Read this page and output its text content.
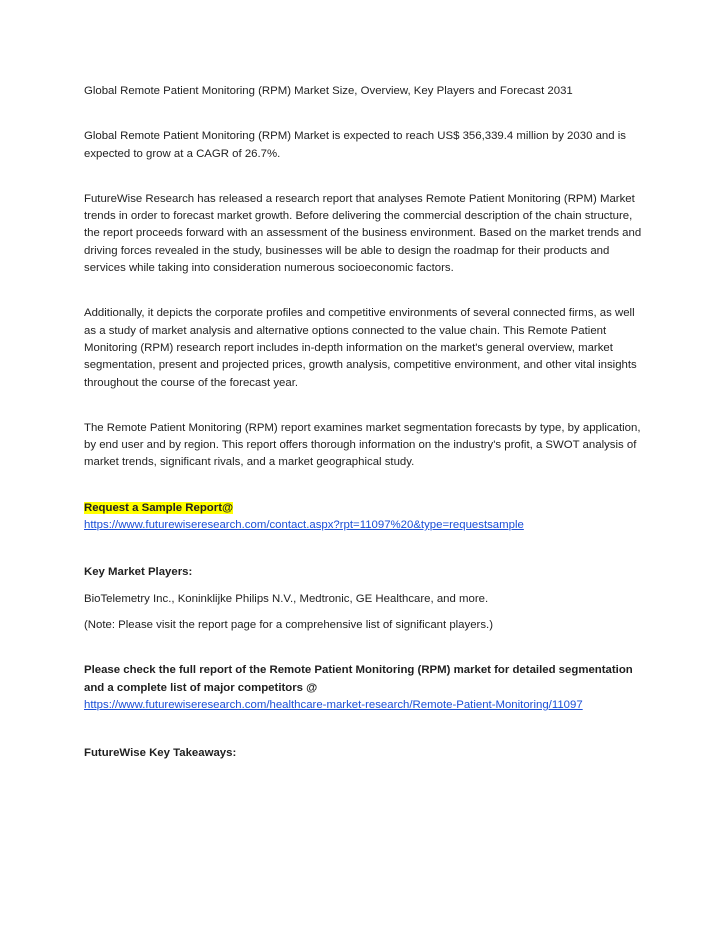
Global Remote Patient Monitoring (RPM) Market Size, Overview, Key Players and Forecast 2031

Global Remote Patient Monitoring (RPM) Market is expected to reach US$ 356,339.4 million by 2030 and is expected to grow at a CAGR of 26.7%.

FutureWise Research has released a research report that analyses Remote Patient Monitoring (RPM) Market trends in order to forecast market growth. Before delivering the commercial description of the chain structure, the report proceeds forward with an assessment of the business environment. Based on the market trends and driving forces revealed in the study, businesses will be able to design the roadmap for their products and services while taking into consideration numerous socioeconomic factors.

Additionally, it depicts the corporate profiles and competitive environments of several connected firms, as well as a study of market analysis and alternative options connected to the value chain. This Remote Patient Monitoring (RPM) research report includes in-depth information on the market's general overview, market segmentation, present and projected prices, growth analysis, competitive environment, and other vital insights throughout the course of the forecast year.

The Remote Patient Monitoring (RPM) report examines market segmentation forecasts by type, by application, by end user and by region. This report offers thorough information on the industry's profit, a SWOT analysis of market trends, significant rivals, and a market geographical study.

Request a Sample Report@
https://www.futurewiseresearch.com/contact.aspx?rpt=11097%20&type=requestsample

Key Market Players:

BioTelemetry Inc., Koninklijke Philips N.V., Medtronic, GE Healthcare, and more.

(Note: Please visit the report page for a comprehensive list of significant players.)

Please check the full report of the Remote Patient Monitoring (RPM) market for detailed segmentation and a complete list of major competitors @
https://www.futurewiseresearch.com/healthcare-market-research/Remote-Patient-Monitoring/11097

FutureWise Key Takeaways:
